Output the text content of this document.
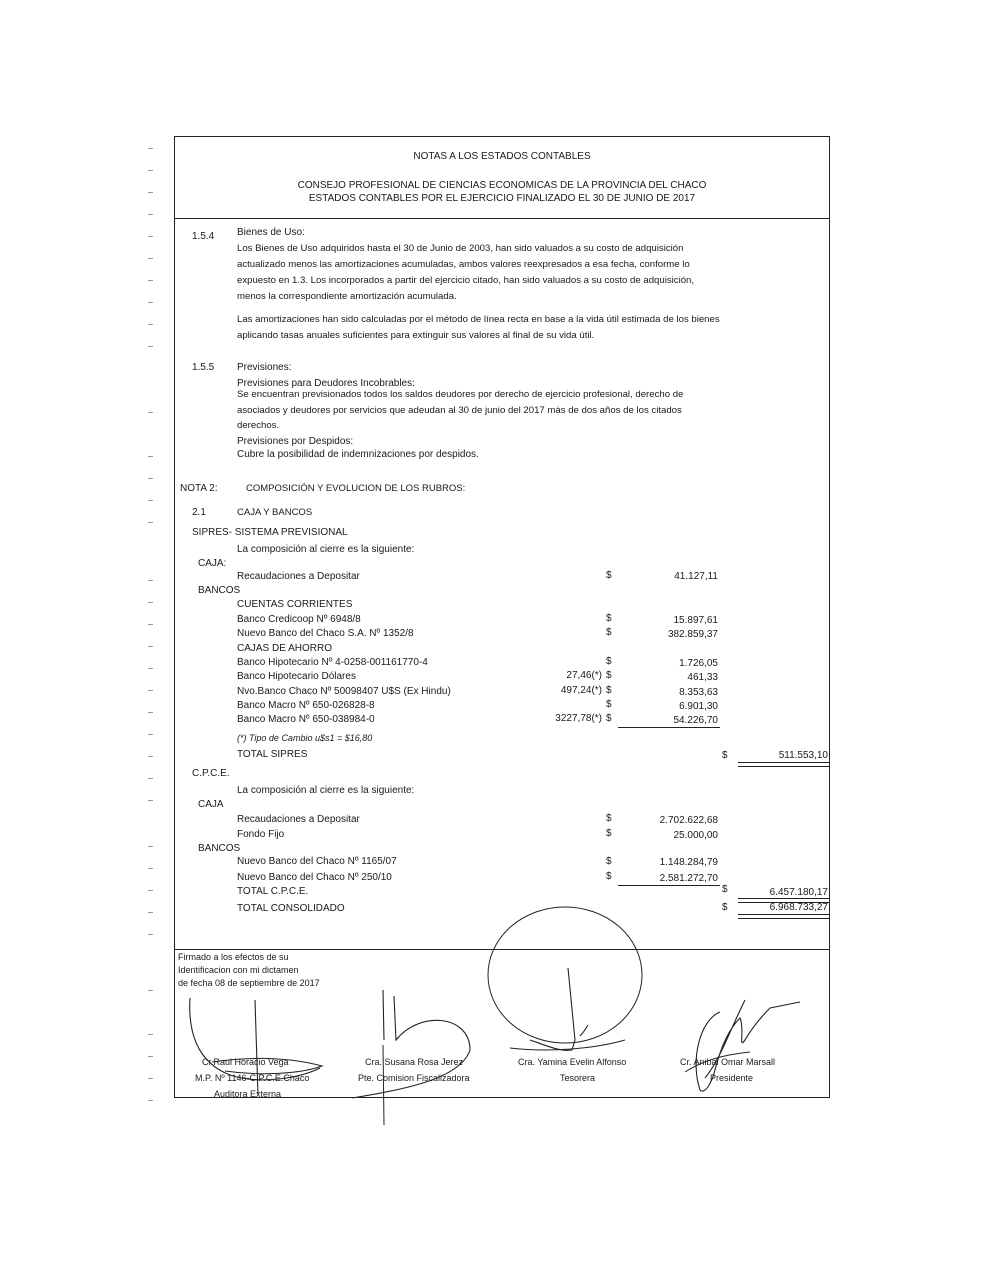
NOTAS A LOS ESTADOS CONTABLES
CONSEJO PROFESIONAL DE CIENCIAS ECONOMICAS DE LA PROVINCIA DEL CHACO
ESTADOS CONTABLES POR EL EJERCICIO FINALIZADO EL 30 DE JUNIO DE 2017
1.5.4 Bienes de Uso:
Los Bienes de Uso adquiridos hasta el 30 de Junio de 2003, han sido valuados a su costo de adquisición actualizado menos las amortizaciones acumuladas, ambos valores reexpresados a esa fecha, conforme lo expuesto en 1.3. Los incorporados a partir del ejercicio citado, han sido valuados a su costo de adquisición, menos la correspondiente amortización acumulada.
Las amortizaciones han sido calculadas por el método de línea recta en base a la vida útil estimada de los bienes aplicando tasas anuales suficientes para extinguir sus valores al final de su vida útil.
1.5.5 Previsiones:
Previsiones para Deudores Incobrables:
Se encuentran previsionados todos los saldos deudores por derecho de ejercicio profesional, derecho de asociados y deudores por servicios que adeudan al 30 de junio del 2017 más de dos años de los citados derechos.
Previsiones por Despidos:
Cubre la posibilidad de indemnizaciones por despidos.
NOTA 2:	COMPOSICIÓN Y EVOLUCION DE LOS RUBROS:
2.1	CAJA Y BANCOS
SIPRES- SISTEMA PREVISIONAL
La composición al cierre es la siguiente:
CAJA:
Recaudaciones a Depositar	$	41.127,11
BANCOS
CUENTAS CORRIENTES
Banco Credicoop Nº 6948/8	$	15.897,61
Nuevo Banco del Chaco S.A. Nº 1352/8	$	382.859,37
CAJAS DE AHORRO
Banco Hipotecario Nº 4-0258-001161770-4	$	1.726,05
Banco Hipotecario Dólares	27,46(*) $	461,33
Nvo.Banco Chaco Nº 50098407 U$S (Ex Hindu)	497,24(*) $	8.353,63
Banco Macro Nº 650-026828-8	$	6.901,30
Banco Macro Nº 650-038984-0	3227,78(*) $	54.226,70
(*) Tipo de Cambio u$s1 = $16,80
TOTAL SIPRES	$	511.553,10
C.P.C.E.
La composición al cierre es la siguiente:
CAJA
Recaudaciones a Depositar	$	2.702.622,68
Fondo Fijo	$	25.000,00
BANCOS
Nuevo Banco del Chaco Nº 1165/07	$	1.148.284,79
Nuevo Banco del Chaco Nº 250/10	$	2.581.272,70
TOTAL C.P.C.E.	$	6.457.180,17
TOTAL CONSOLIDADO	$	6.968.733,27
Firmado a los efectos de su
Identificacion con mi dictamen
de fecha 08 de septiembre de 2017
Cr.Raul Horacio Vega
M.P. Nº 1146-C.P.C.E.Chaco
Auditora Externa
Cra. Susana Rosa Jerez
Pte. Comision Fiscalizadora
Cra. Yamina Evelin Alfonso
Tesorera
Cr. Anibal Omar Marsall
Presidente
